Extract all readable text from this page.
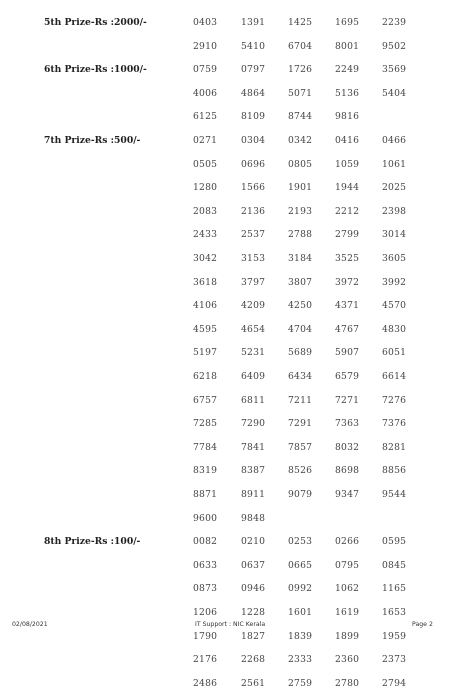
5th Prize-Rs :2000/-	0403	1391 1425 1695 2239
2910	5410 6704 8001 9502
6th Prize-Rs :1000/-	0759	0797 1726 2249 3569
4006	4864 5071 5136 5404
6125	8109 8744 9816
7th Prize-Rs :500/-	0271	0304 0342 0416 0466
0505	0696 0805 1059 1061
1280	1566 1901 1944 2025
2083	2136 2193 2212 2398
2433	2537 2788 2799 3014
3042	3153 3184 3525 3605
3618	3797 3807 3972 3992
4106	4209 4250 4371 4570
4595	4654 4704 4767 4830
5197	5231 5689 5907 6051
6218	6409 6434 6579 6614
6757	6811 7211 7271 7276
7285	7290 7291 7363 7376
7784	7841 7857 8032 8281
8319	8387 8526 8698 8856
8871	8911 9079 9347 9544
9600	9848
8th Prize-Rs :100/-	0082	0210 0253 0266 0595
0633	0637 0665 0795 0845
0873	0946 0992 1062 1165
1206	1228 1601 1619 1653
1790	1827 1839 1899 1959
2176	2268 2333 2360 2373
2486	2561 2759 2780 2794
02/08/2021	IT Support : NIC Kerala	Page 2
